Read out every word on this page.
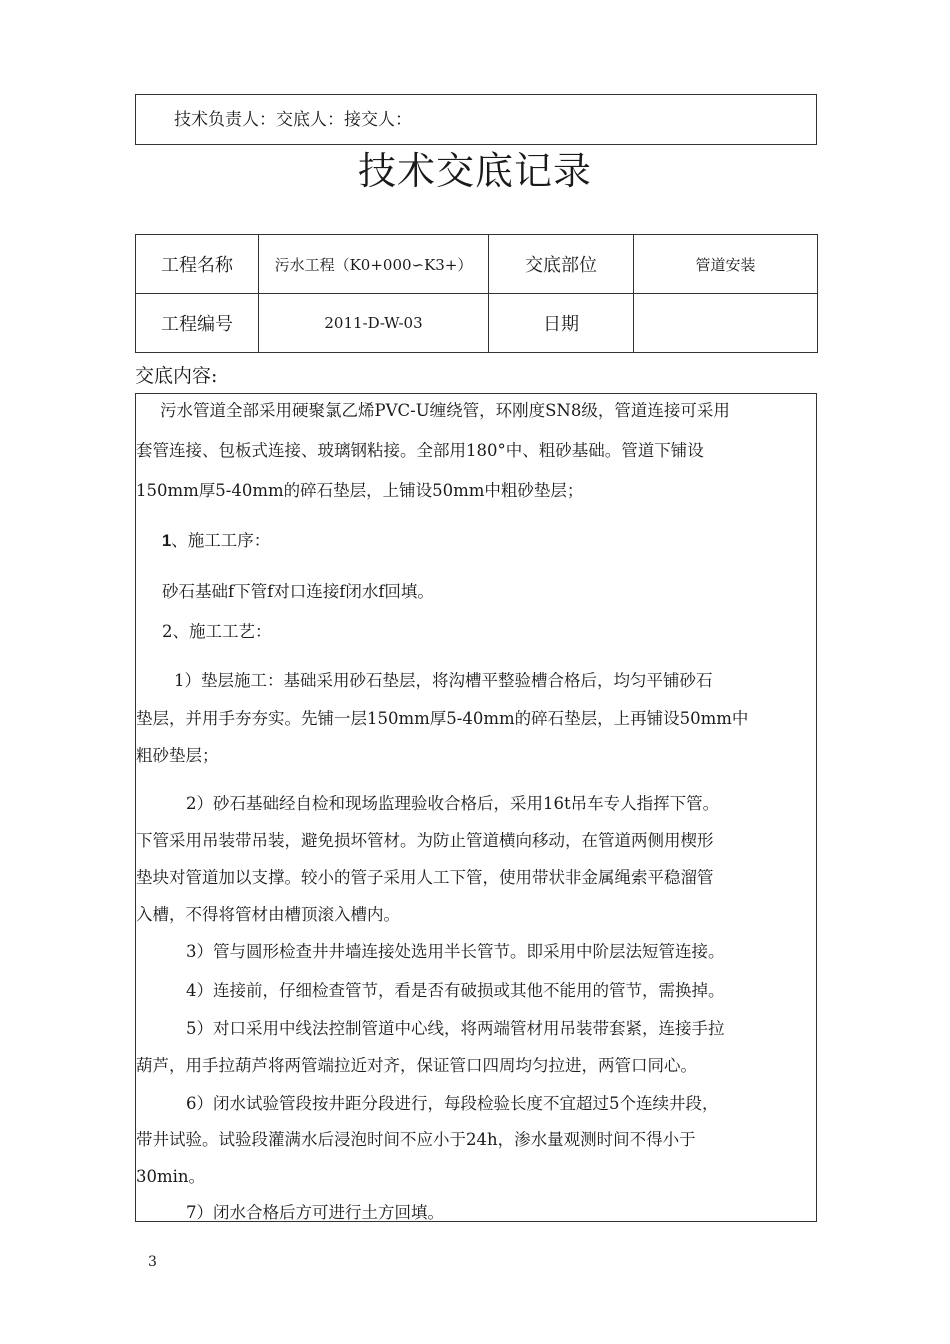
技术负责人：交底人：接交人：
技术交底记录
工程名称	污水工程（K0+000∽K3+）	交底部位	管道安装
工程编号	2011-D-W-03	日期	
交底内容:
污水管道全部采用硬聚氯乙烯PVC-U缠绕管，环刚度SN8级，管道连接可采用
套管连接、包板式连接、玻璃钢粘接。全部用180°中、粗砂基础。管道下铺设
150mm厚5-40mm的碎石垫层，上铺设50mm中粗砂垫层；
1、施工工序：
砂石基础f下管f对口连接f闭水f回填。
2、施工工艺：
1）垫层施工：基础采用砂石垫层，将沟槽平整验槽合格后，均匀平铺砂石
垫层，并用手夯夯实。先铺一层150mm厚5-40mm的碎石垫层，上再铺设50mm中
粗砂垫层；
2）砂石基础经自检和现场监理验收合格后，采用16t吊车专人指挥下管。
下管采用吊装带吊装，避免损坏管材。为防止管道横向移动，在管道两侧用楔形
垫块对管道加以支撑。较小的管子采用人工下管，使用带状非金属绳索平稳溜管
入槽，不得将管材由槽顶滚入槽内。
3）管与圆形检查井井墙连接处选用半长管节。即采用中阶层法短管连接。
4）连接前，仔细检查管节，看是否有破损或其他不能用的管节，需换掉。
5）对口采用中线法控制管道中心线，将两端管材用吊装带套紧，连接手拉
葫芦，用手拉葫芦将两管端拉近对齐，保证管口四周均匀拉进，两管口同心。
6）闭水试验管段按井距分段进行，每段检验长度不宜超过5个连续井段，
带井试验。试验段灌满水后浸泡时间不应小于24h，渗水量观测时间不得小于
30min。
7）闭水合格后方可进行土方回填。
3
